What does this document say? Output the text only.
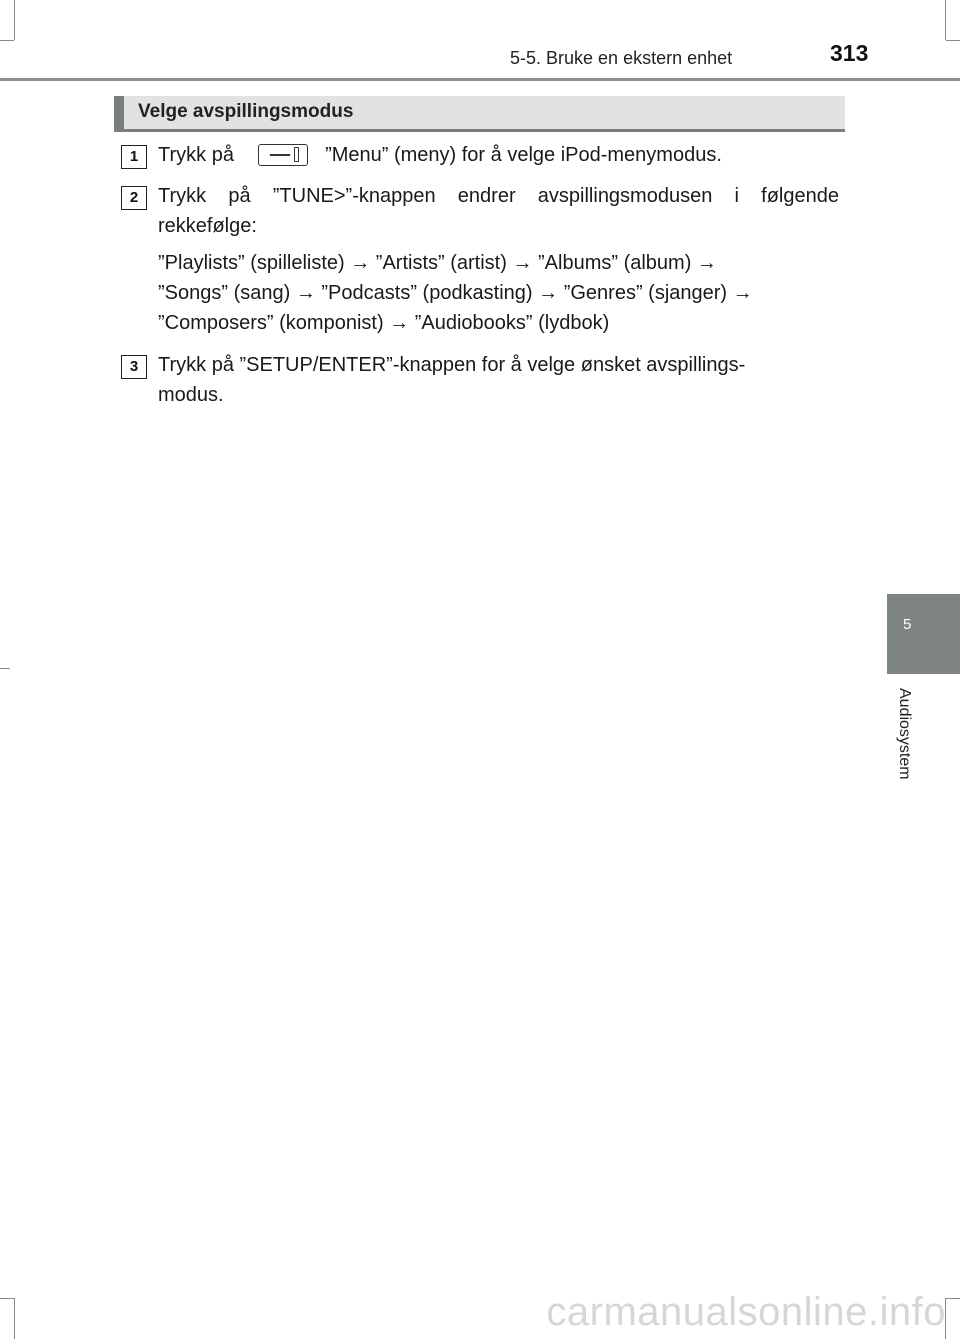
5-5. Bruke en ekstern enhet	313
Velge avspillingsmodus
1 Trykk på	”Menu” (meny) for å velge iPod-menymodus.
2 Trykk på ”TUNE>”-knappen endrer avspillingsmodusen i følgende rekkefølge:
”Playlists” (spilleliste) → ”Artists” (artist) → ”Albums” (album) →
”Songs” (sang) → ”Podcasts” (podkasting) → ”Genres” (sjanger) →
”Composers” (komponist) → ”Audiobooks” (lydbok)
3 Trykk på ”SETUP/ENTER”-knappen for å velge ønsket avspillings-
modus.
5
Audiosystem
carmanualsonline.info
